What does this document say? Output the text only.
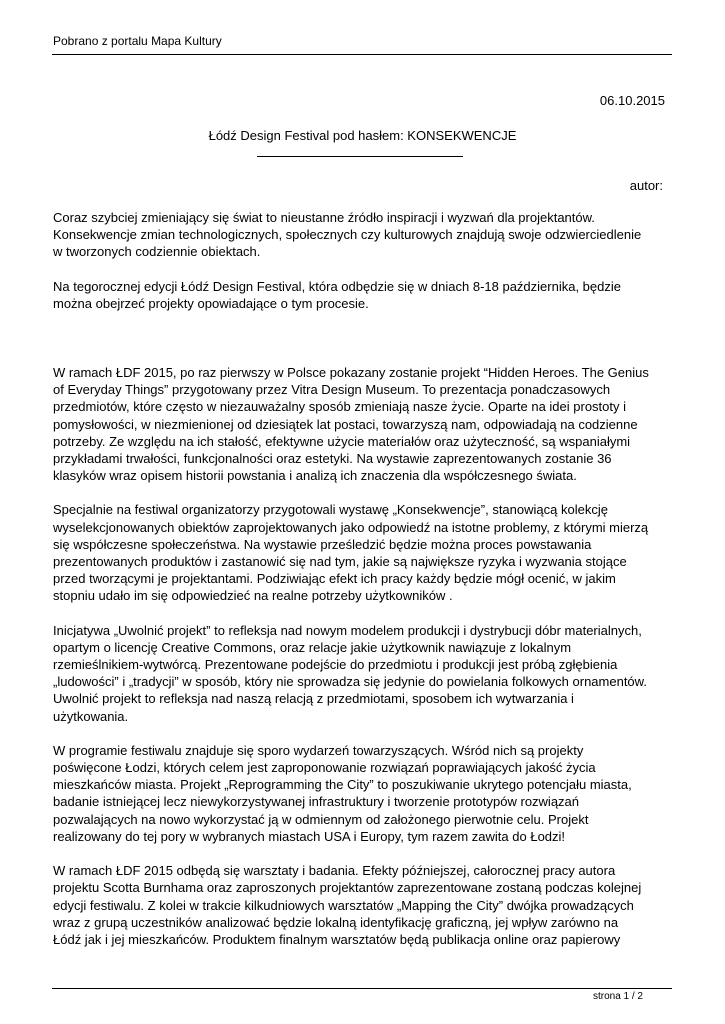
Pobrano z portalu Mapa Kultury
06.10.2015
Łódź Design Festival pod hasłem: KONSEKWENCJE
autor:

Coraz szybciej zmieniający się świat to nieustanne źródło inspiracji i wyzwań dla projektantów.
Konsekwencje zmian technologicznych, społecznych czy kulturowych znajdują swoje odzwierciedlenie
w tworzonych codziennie obiektach.

Na tegorocznej edycji Łódź Design Festival, która odbędzie się w dniach 8-18 października, będzie
można obejrzeć projekty opowiadające o tym procesie.

W ramach ŁDF 2015, po raz pierwszy w Polsce pokazany zostanie projekt “Hidden Heroes. The Genius
of Everyday Things” przygotowany przez Vitra Design Museum. To prezentacja ponadczasowych
przedmiotów, które często w niezauważalny sposób zmieniają nasze życie. Oparte na idei prostoty i
pomysłowości, w niezmienionej od dziesiątek lat postaci, towarzyszą nam, odpowiadają na codzienne
potrzeby. Ze względu na ich stałość, efektywne użycie materiałów oraz użyteczność, są wspaniałymi
przykładami trwałości, funkcjonalności oraz estetyki. Na wystawie zaprezentowanych zostanie 36
klasyków wraz opisem historii powstania i analizą ich znaczenia dla współczesnego świata.

Specjalnie na festiwal organizatorzy przygotowali wystawę „Konsekwencje”, stanowiącą kolekcję
wyselekcjonowanych obiektów zaprojektowanych jako odpowiedź na istotne problemy, z którymi mierzą
się współczesne społeczeństwa. Na wystawie prześledzić będzie można proces powstawania
prezentowanych produktów i zastanowić się nad tym, jakie są największe ryzyka i wyzwania stojące
przed tworzącymi je projektantami. Podziwiając efekt ich pracy każdy będzie mógł ocenić, w jakim
stopniu udało im się odpowiedzieć na realne potrzeby użytkowników .

Inicjatywa „Uwolnić projekt” to refleksja nad nowym modelem produkcji i dystrybucji dóbr materialnych,
opartym o licencję Creative Commons, oraz relacje jakie użytkownik nawiązuje z lokalnym
rzemieślnikiem-wytwórcą. Prezentowane podejście do przedmiotu i produkcji jest próbą zgłębienia
„ludowości” i „tradycji” w sposób, który nie sprowadza się jedynie do powielania folkowych ornamentów.
Uwolnić projekt to refleksja nad naszą relacją z przedmiotami, sposobem ich wytwarzania i
użytkowania.

W programie festiwalu znajduje się sporo wydarzeń towarzyszących. Wśród nich są projekty
poświęcone Łodzi, których celem jest zaproponowanie rozwiązań poprawiających jakość życia
mieszkańców miasta. Projekt „Reprogramming the City” to poszukiwanie ukrytego potencjału miasta,
badanie istniejącej lecz niewykorzystywanej infrastruktury i tworzenie prototypów rozwiązań
pozwalających na nowo wykorzystać ją w odmiennym od założonego pierwotnie celu. Projekt
realizowany do tej pory w wybranych miastach USA i Europy, tym razem zawita do Łodzi!

W ramach ŁDF 2015 odbędą się warsztaty i badania. Efekty późniejszej, całorocznej pracy autora
projektu Scotta Burnhama oraz zaproszonych projektantów zaprezentowane zostaną podczas kolejnej
edycji festiwalu. Z kolei w trakcie kilkudniowych warsztatów „Mapping the City” dwójka prowadzących
wraz z grupą uczestników analizować będzie lokalną identyfikację graficzną, jej wpływ zarówno na
Łódź jak i jej mieszkańców. Produktem finalnym warsztatów będą publikacja online oraz papierowy

strona 1 / 2
